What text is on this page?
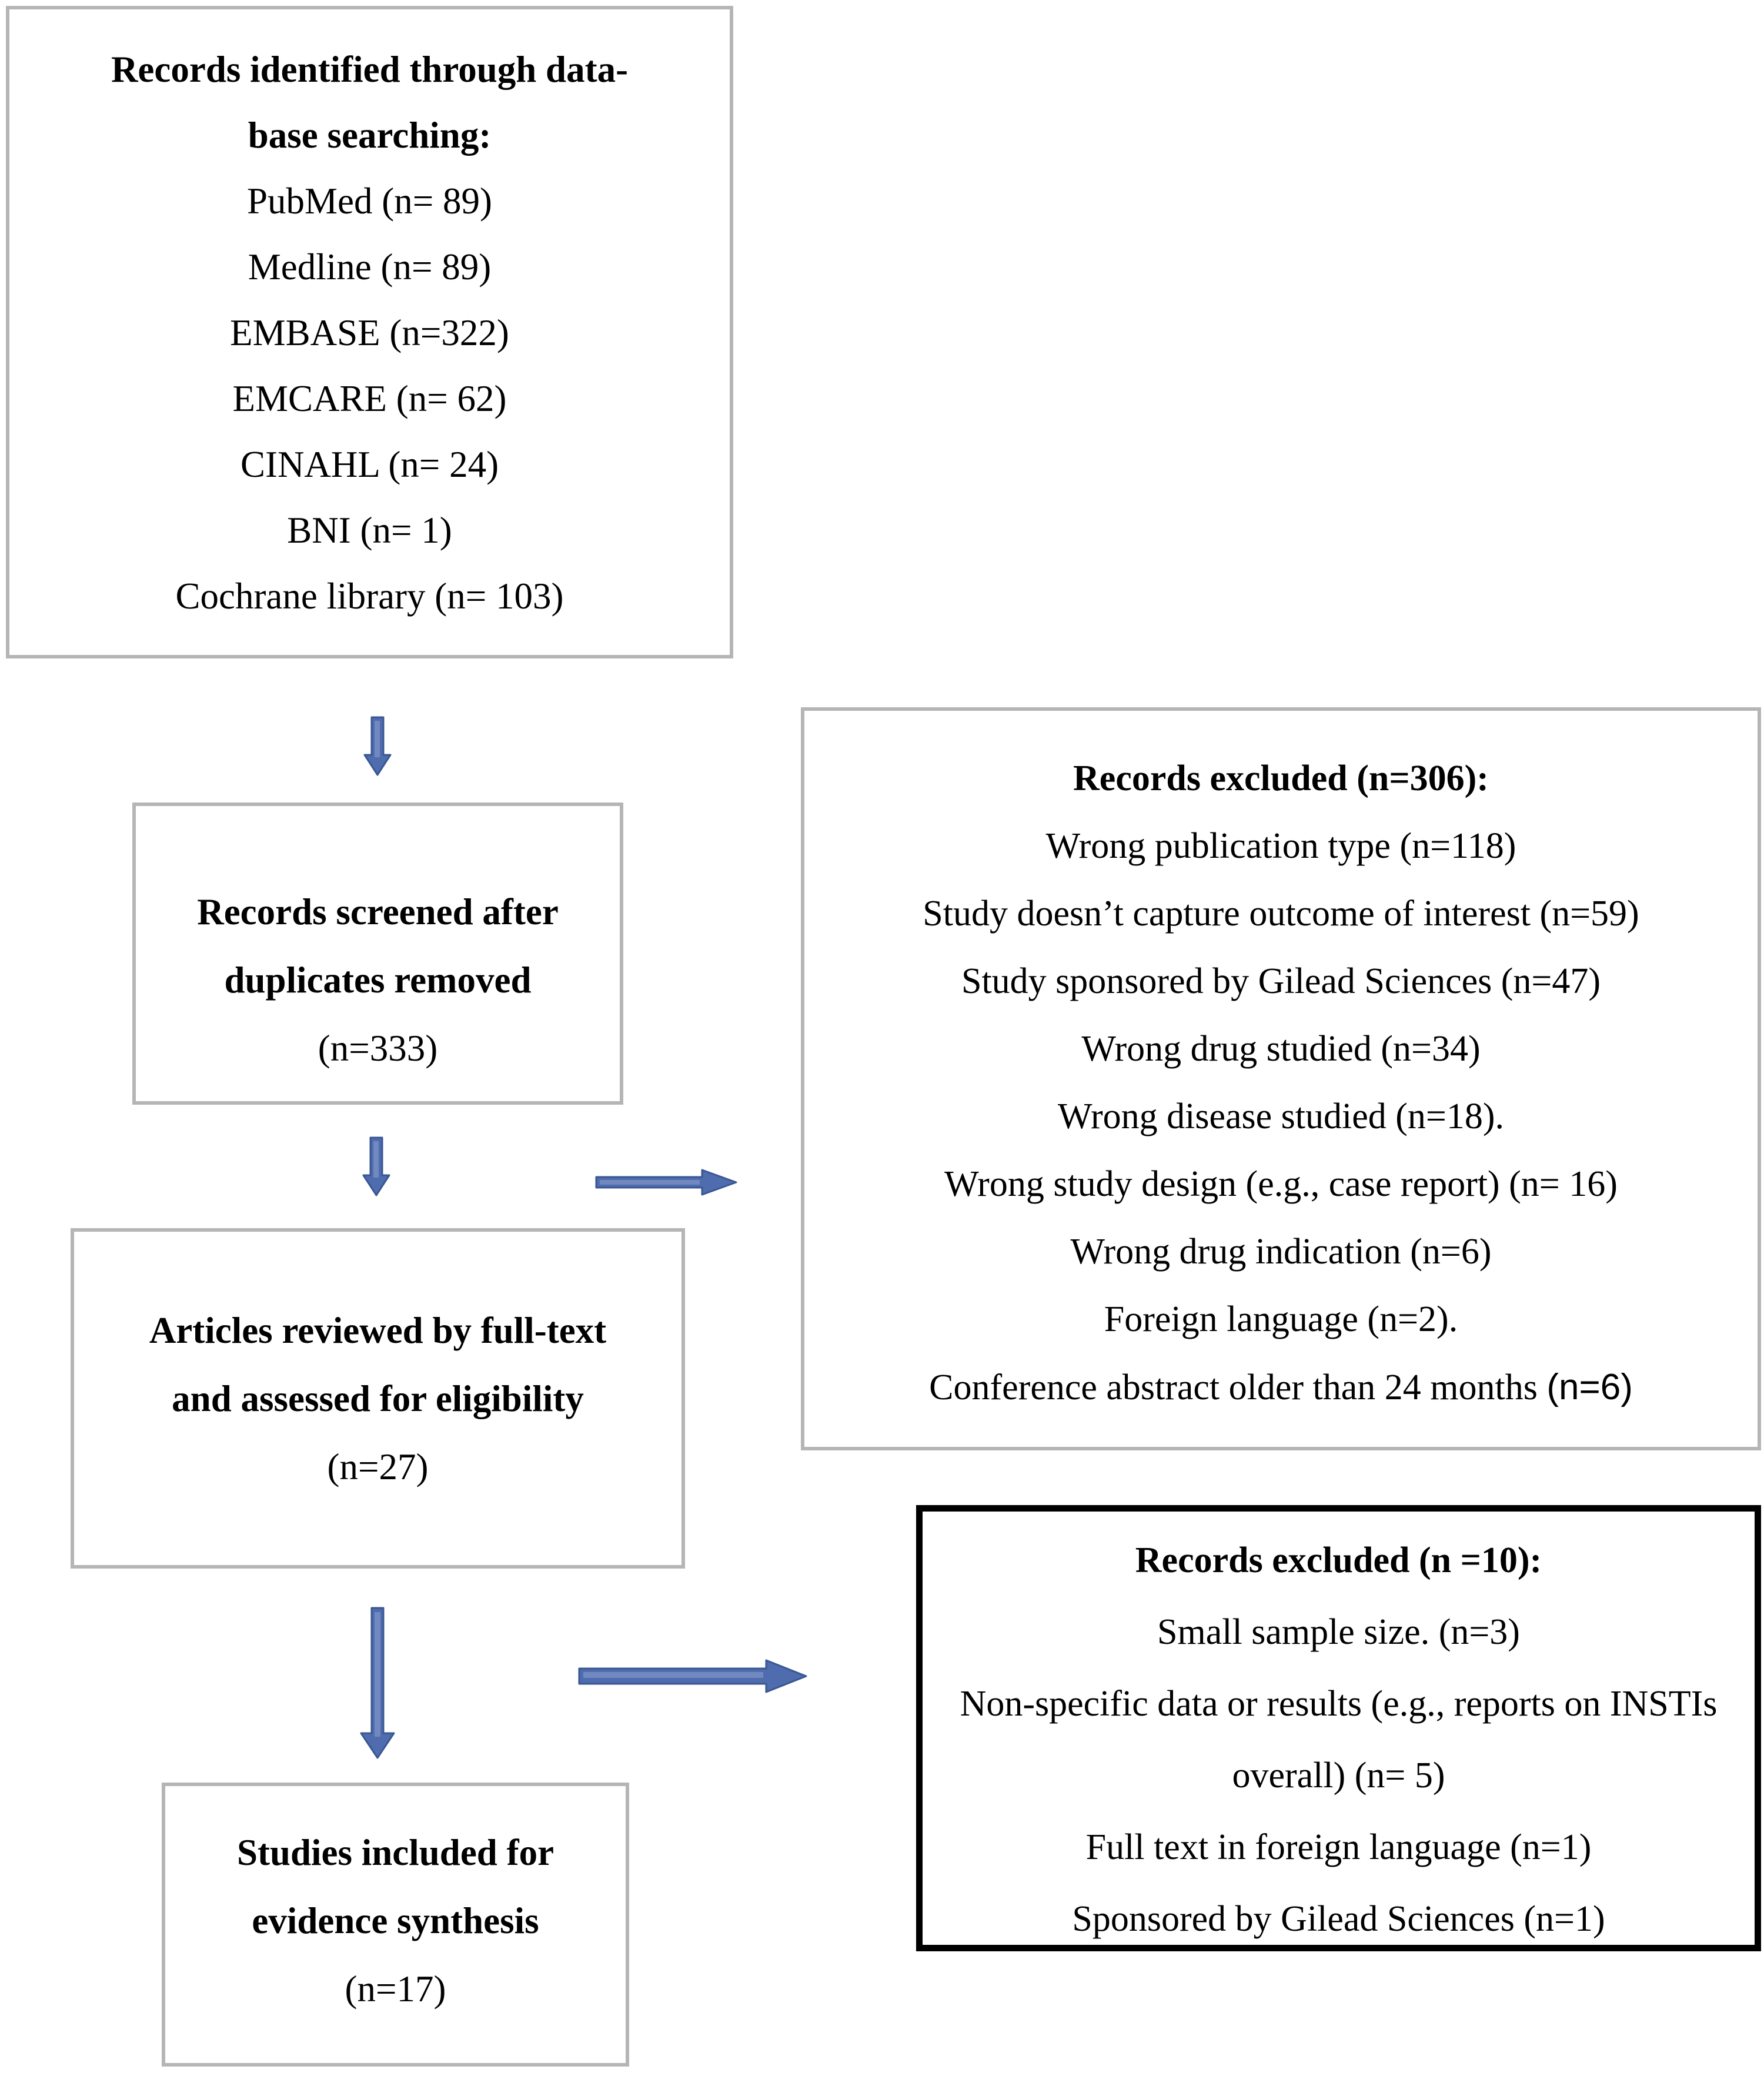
Records identified through data-
base searching:
PubMed (n= 89)
Medline (n= 89)
EMBASE (n=322)
EMCARE (n= 62)
CINAHL (n= 24)
BNI (n= 1)
Cochrane library (n= 103)
Records screened after
duplicates removed
(n=333)
Records excluded (n=306):
Wrong publication type (n=118)
Study doesn’t capture outcome of interest (n=59)
Study sponsored by Gilead Sciences (n=47)
Wrong drug studied (n=34)
Wrong disease studied (n=18).
Wrong study design (e.g., case report) (n= 16)
Wrong drug indication (n=6)
Foreign language (n=2).
Conference abstract older than 24 months (n=6)
Articles reviewed by full-text
and assessed for eligibility
(n=27)
Records excluded (n =10):
Small sample size. (n=3)
Non-specific data or results (e.g., reports on INSTIs overall) (n= 5)
Full text in foreign language (n=1)
Sponsored by Gilead Sciences (n=1)
Studies included for
evidence synthesis
(n=17)
